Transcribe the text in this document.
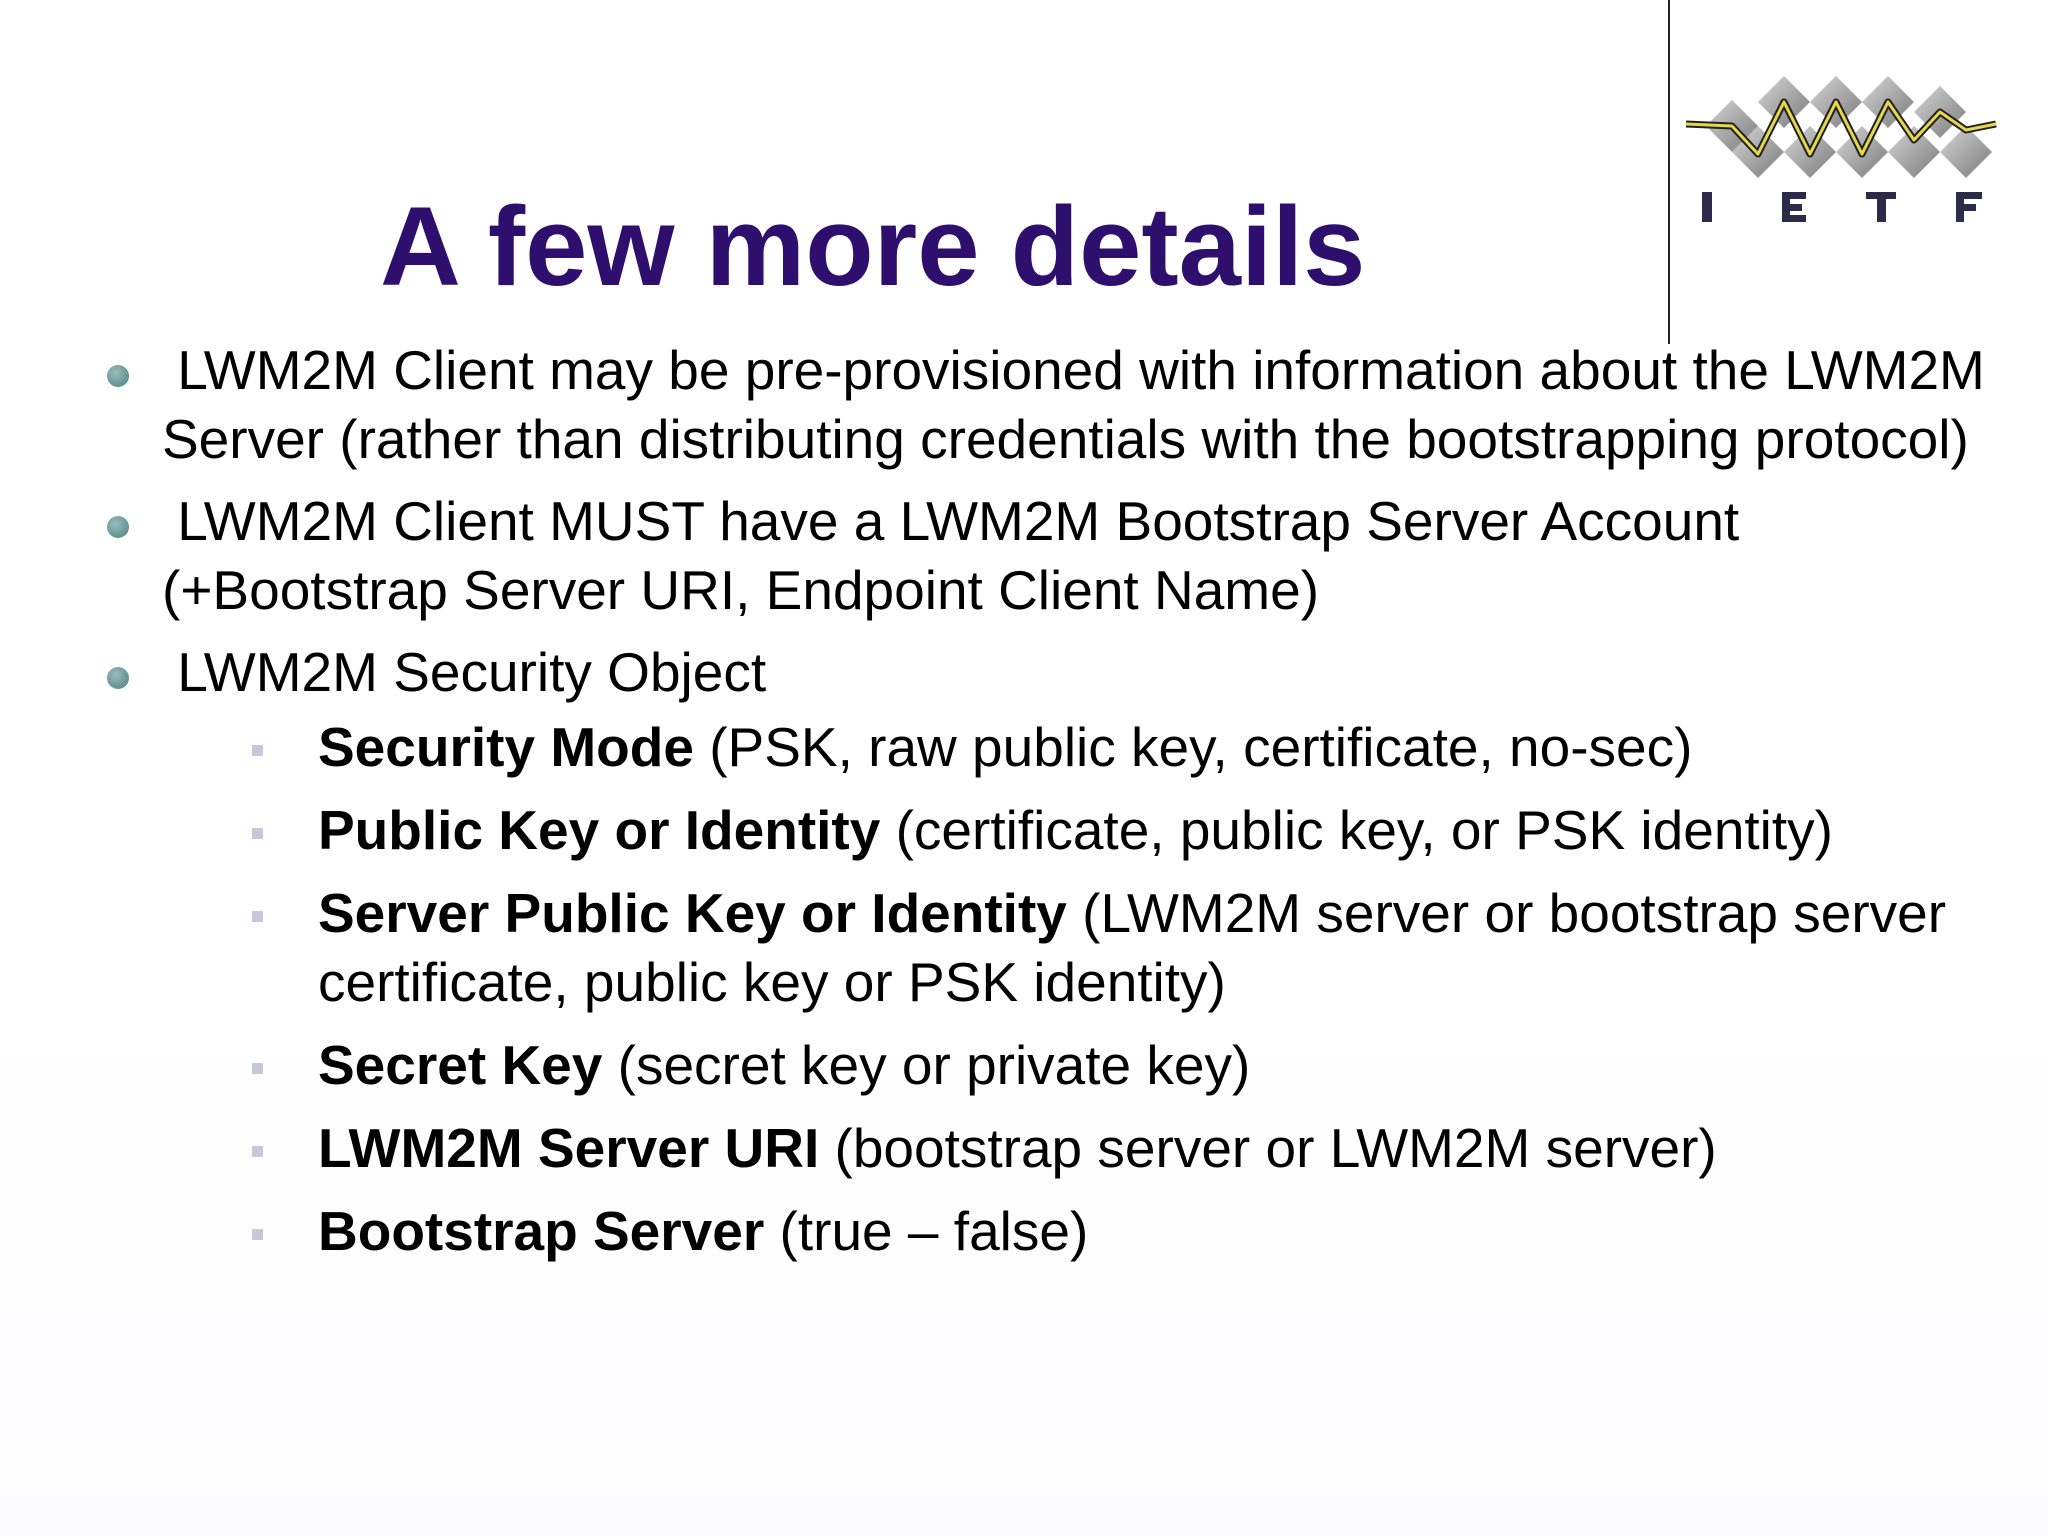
A few more details
LWM2M Client may be pre-provisioned with information about the LWM2M Server (rather than distributing credentials with the bootstrapping protocol)
LWM2M Client MUST have a LWM2M Bootstrap Server Account (+Bootstrap Server URI, Endpoint Client Name)
LWM2M Security Object
Security Mode (PSK, raw public key, certificate, no-sec)
Public Key or Identity (certificate, public key, or PSK identity)
Server Public Key or Identity (LWM2M server or bootstrap server certificate, public key or PSK identity)
Secret Key (secret key or private key)
LWM2M Server URI (bootstrap server or LWM2M server)
Bootstrap Server (true – false)
